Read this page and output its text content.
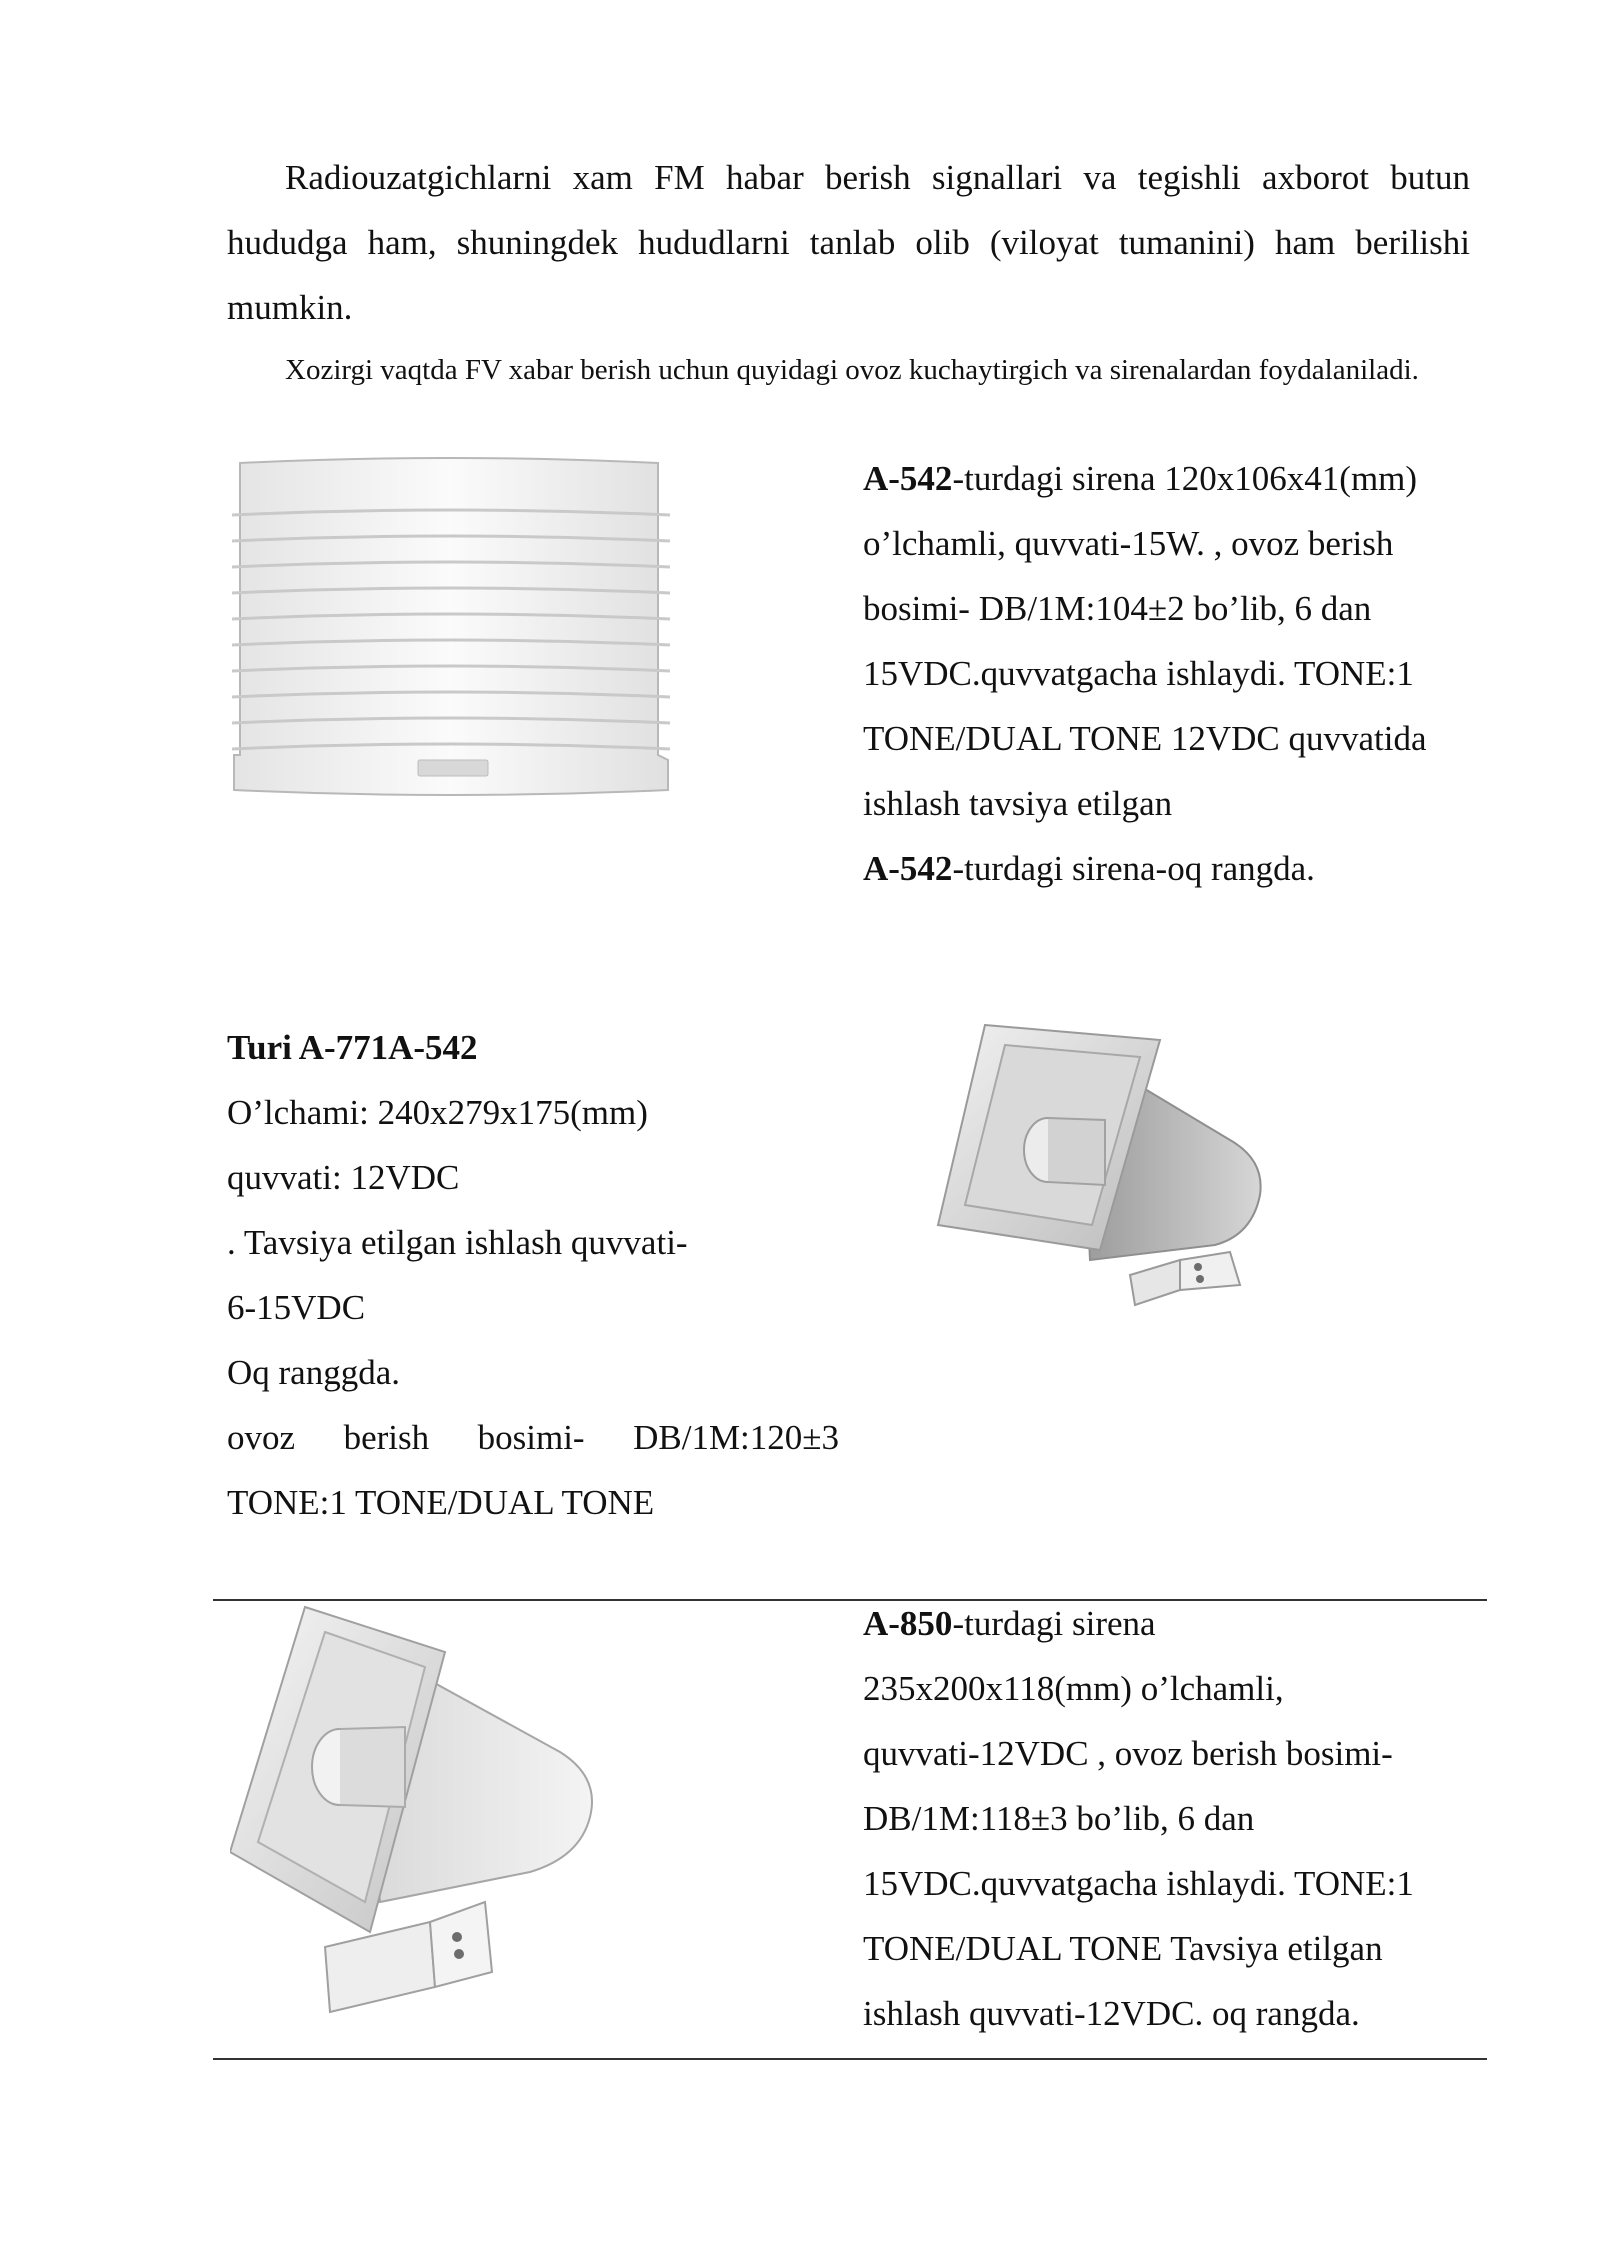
Radiouzatgichlarni xam FM habar berish signallari va tegishli axborot butun hududga ham, shuningdek hududlarni tanlab olib (viloyat tumanini) ham berilishi mumkin.

Xozirgi vaqtda FV xabar berish uchun quyidagi ovoz kuchaytirgich va sirenalardan foydalaniladi.

A-542-turdagi sirena 120x106x41(mm)
o’lchamli, quvvati-15W. , ovoz berish
bosimi- DB/1M:104±2 bo’lib, 6 dan
15VDC.quvvatgacha ishlaydi. TONE:1
TONE/DUAL TONE 12VDC quvvatida
ishlash tavsiya etilgan
A-542-turdagi sirena-oq rangda.
Turi A-771A-542
O’lchami: 240x279x175(mm)
quvvati: 12VDC
. Tavsiya etilgan ishlash quvvati-
6-15VDC
Oq ranggda.
ovoz berish bosimi- DB/1M:120±3
TONE:1 TONE/DUAL TONE
A-850-turdagi sirena
235x200x118(mm) o’lchamli,
quvvati-12VDC , ovoz berish bosimi-
DB/1M:118±3 bo’lib, 6 dan
15VDC.quvvatgacha ishlaydi. TONE:1
TONE/DUAL TONE Tavsiya etilgan
ishlash quvvati-12VDC. oq rangda.
